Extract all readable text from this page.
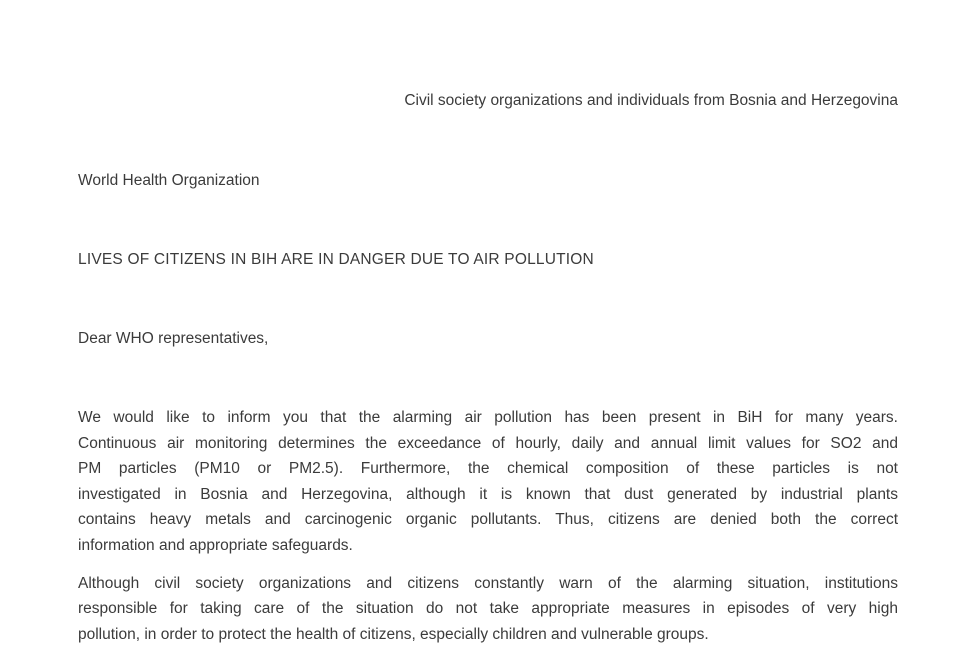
Civil society organizations and individuals from Bosnia and Herzegovina
World Health Organization
LIVES OF CITIZENS IN BIH ARE IN DANGER DUE TO AIR POLLUTION
Dear WHO representatives,
We would like to inform you that the alarming air pollution has been present in BiH for many years.
Continuous air monitoring determines the exceedance of hourly, daily and annual limit values for SO2 and
PM particles (PM10 or PM2.5). Furthermore, the chemical composition of these particles is not
investigated in Bosnia and Herzegovina, although it is known that dust generated by industrial plants
contains heavy metals and carcinogenic organic pollutants. Thus, citizens are denied both the correct
information and appropriate safeguards.
Although civil society organizations and citizens constantly warn of the alarming situation, institutions
responsible for taking care of the situation do not take appropriate measures in episodes of very high
pollution, in order to protect the health of citizens, especially children and vulnerable groups.
